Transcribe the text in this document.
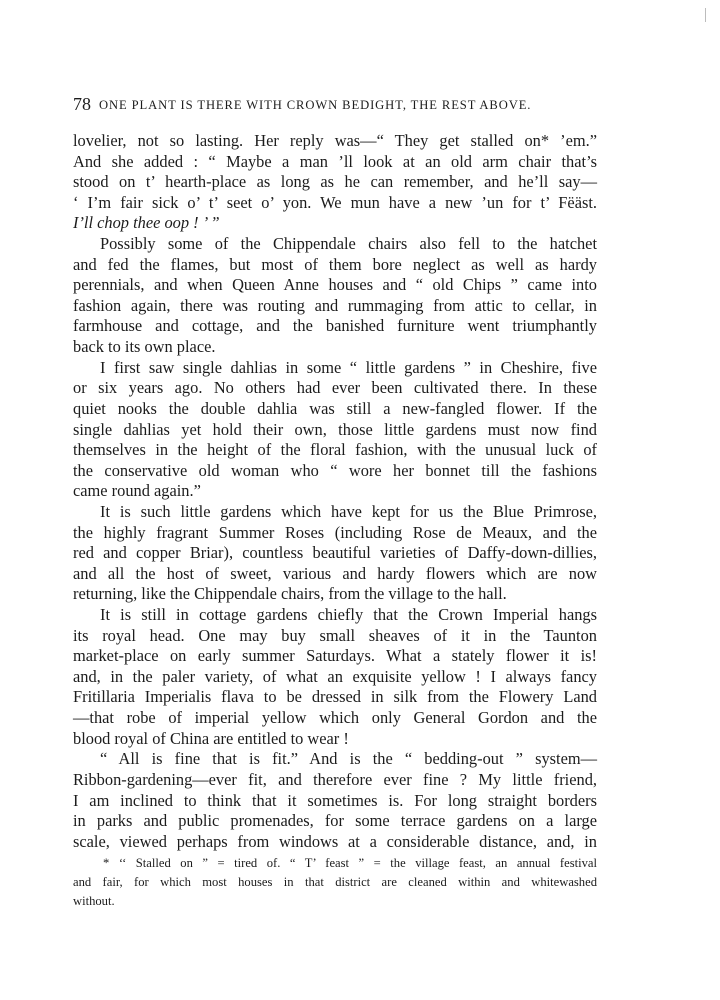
78 ONE PLANT IS THERE WITH CROWN BEDIGHT, THE REST ABOVE.
lovelier, not so lasting. Her reply was—“ They get stalled on* ’em.”
And she added : “ Maybe a man ’ll look at an old arm chair that’s
stood on t’ hearth-place as long as he can remember, and he’ll say—
‘ I’m fair sick o’ t’ seet o’ yon. We mun have a new ’un for t’ Fëäst.
I’ll chop thee oop ! ’ ”
Possibly some of the Chippendale chairs also fell to the hatchet
and fed the flames, but most of them bore neglect as well as hardy
perennials, and when Queen Anne houses and “ old Chips ” came into
fashion again, there was routing and rummaging from attic to cellar, in
farmhouse and cottage, and the banished furniture went triumphantly
back to its own place.
I first saw single dahlias in some “ little gardens ” in Cheshire, five
or six years ago. No others had ever been cultivated there. In these
quiet nooks the double dahlia was still a new-fangled flower. If the
single dahlias yet hold their own, those little gardens must now find
themselves in the height of the floral fashion, with the unusual luck of
the conservative old woman who “ wore her bonnet till the fashions
came round again.”
It is such little gardens which have kept for us the Blue Primrose,
the highly fragrant Summer Roses (including Rose de Meaux, and the
red and copper Briar), countless beautiful varieties of Daffy-down-dillies,
and all the host of sweet, various and hardy flowers which are now
returning, like the Chippendale chairs, from the village to the hall.
It is still in cottage gardens chiefly that the Crown Imperial hangs
its royal head. One may buy small sheaves of it in the Taunton
market-place on early summer Saturdays. What a stately flower it is!
and, in the paler variety, of what an exquisite yellow ! I always fancy
Fritillaria Imperialis flava to be dressed in silk from the Flowery Land
—that robe of imperial yellow which only General Gordon and the
blood royal of China are entitled to wear !
“ All is fine that is fit.” And is the “ bedding-out ” system—
Ribbon-gardening—ever fit, and therefore ever fine ? My little friend,
I am inclined to think that it sometimes is. For long straight borders
in parks and public promenades, for some terrace gardens on a large
scale, viewed perhaps from windows at a considerable distance, and, in
* ‘‘ Stalled on ” = tired of. “ T’ feast ” = the village feast, an annual festival
and fair, for which most houses in that district are cleaned within and whitewashed
without.
